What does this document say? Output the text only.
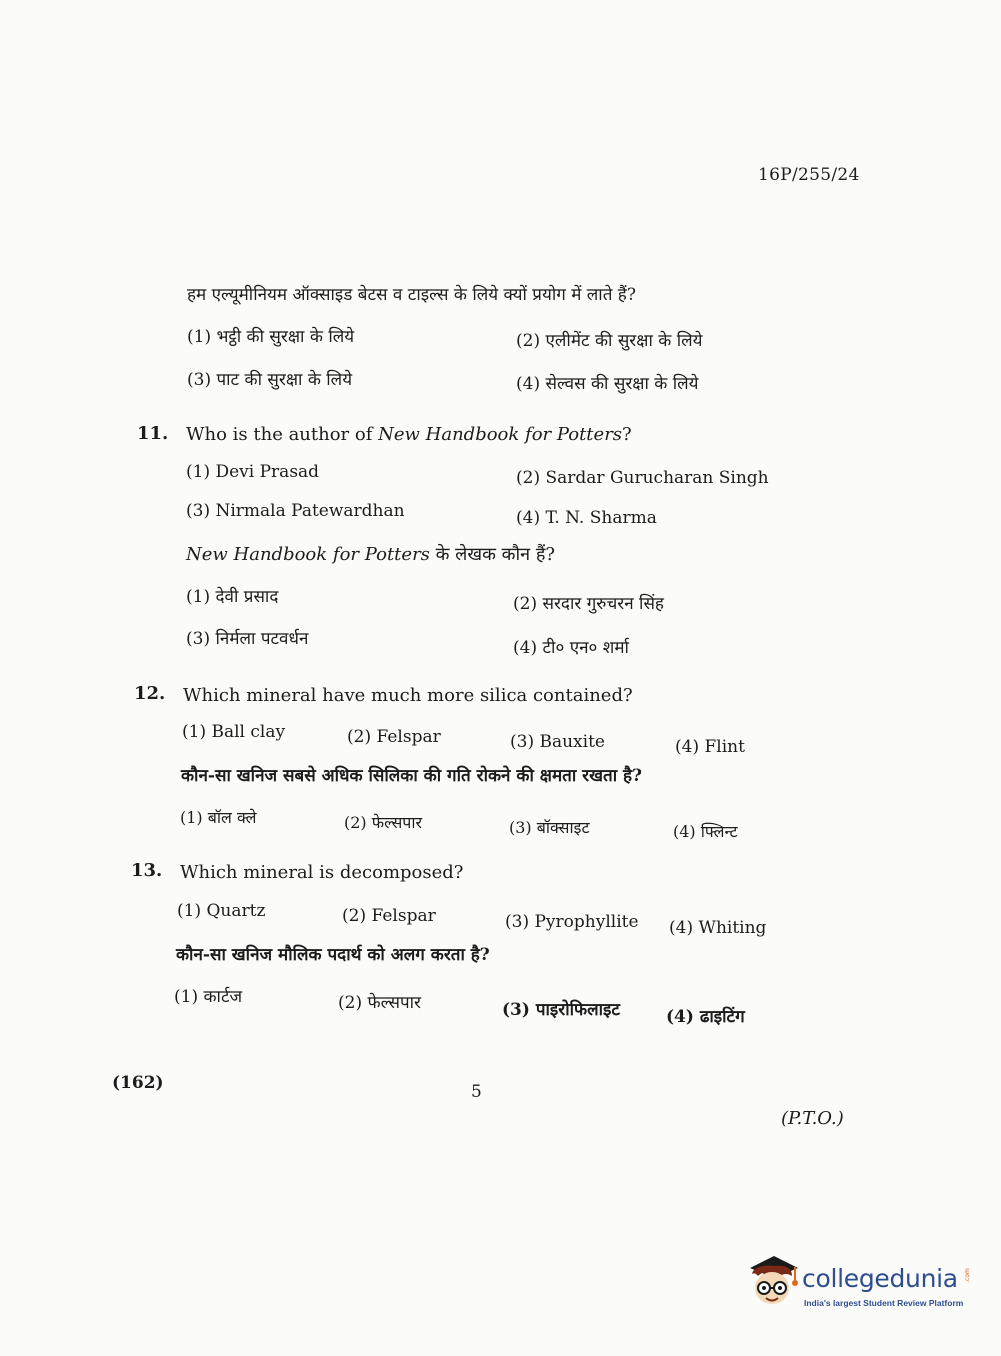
16P/255/24
हम एल्यूमीनियम ऑक्साइड बेटस व टाइल्स के लिये क्यों प्रयोग में लाते हैं?
(1) भट्ठी की सुरक्षा के लिये	(2) एलीमेंट की सुरक्षा के लिये
(3) पाट की सुरक्षा के लिये	(4) सेल्वस की सुरक्षा के लिये
11. Who is the author of New Handbook for Potters?
(1) Devi Prasad	(2) Sardar Gurucharan Singh
(3) Nirmala Patewardhan	(4) T. N. Sharma
New Handbook for Potters के लेखक कौन हैं?
(1) देवी प्रसाद	(2) सरदार गुरुचरन सिंह
(3) निर्मला पटवर्धन	(4) टी० एन० शर्मा
12. Which mineral have much more silica contained?
(1) Ball clay	(2) Felspar	(3) Bauxite	(4) Flint
कौन-सा खनिज सबसे अधिक सिलिका की गति रोकने की क्षमता रखता है?
(1) बॉल क्ले	(2) फेल्सपार	(3) बॉक्साइट	(4) फ्लिन्ट
13. Which mineral is decomposed?
(1) Quartz	(2) Felspar	(3) Pyrophyllite (4) Whiting
कौन-सा खनिज मौलिक पदार्थ को अलग करता है?
(1) कार्टज	(2) फेल्सपार	(3) पाइरोफिलाइट	(4) ढाइटिंग
(162)	5
(P.T.O.)
collegedunia .com
India's largest Student Review Platform
